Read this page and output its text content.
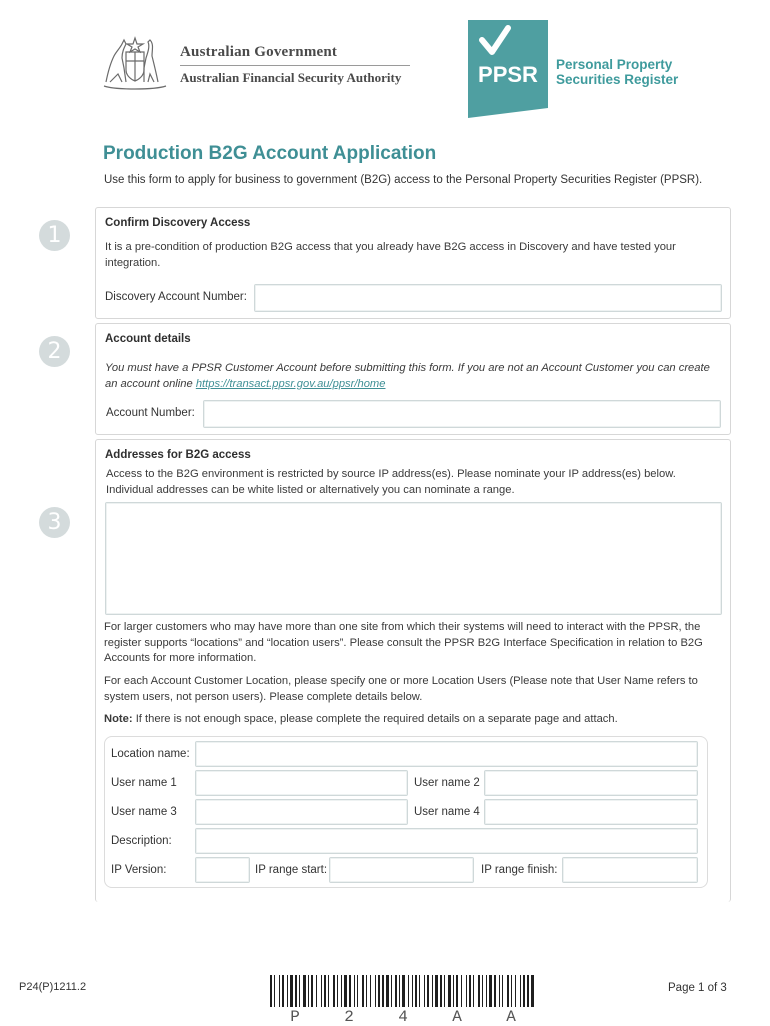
Australian Government
Australian Financial Security Authority	PPSR Personal Property
Securities Register
Production B2G Account Application
Use this form to apply for business to government (B2G) access to the Personal Property Securities Register (PPSR).
1	Confirm Discovery Access
It is a pre-condition of production B2G access that you already have B2G access in Discovery and have tested your integration.
Discovery Account Number:
2	Account details
You must have a PPSR Customer Account before submitting this form. If you are not an Account Customer you can create an account online https://transact.ppsr.gov.au/ppsr/home
Account Number:
3
Addresses for B2G access
Access to the B2G environment is restricted by source IP address(es). Please nominate your IP address(es) below. Individual addresses can be white listed or alternatively you can nominate a range.
For larger customers who may have more than one site from which their systems will need to interact with the PPSR, the register supports “locations” and “location users”. Please consult the PPSR B2G Interface Specification in relation to B2G Accounts for more information.
For each Account Customer Location, please specify one or more Location Users (Please note that User Name refers to system users, not person users). Please complete details below.
Note: If there is not enough space, please complete the required details on a separate page and attach.
Location name:
User name 1	User name 2
User name 3	User name 4
Description:
IP Version:	IP range start:	IP range finish:
P24(P)1211.2
P	2	4	A	A
Page 1 of 3
